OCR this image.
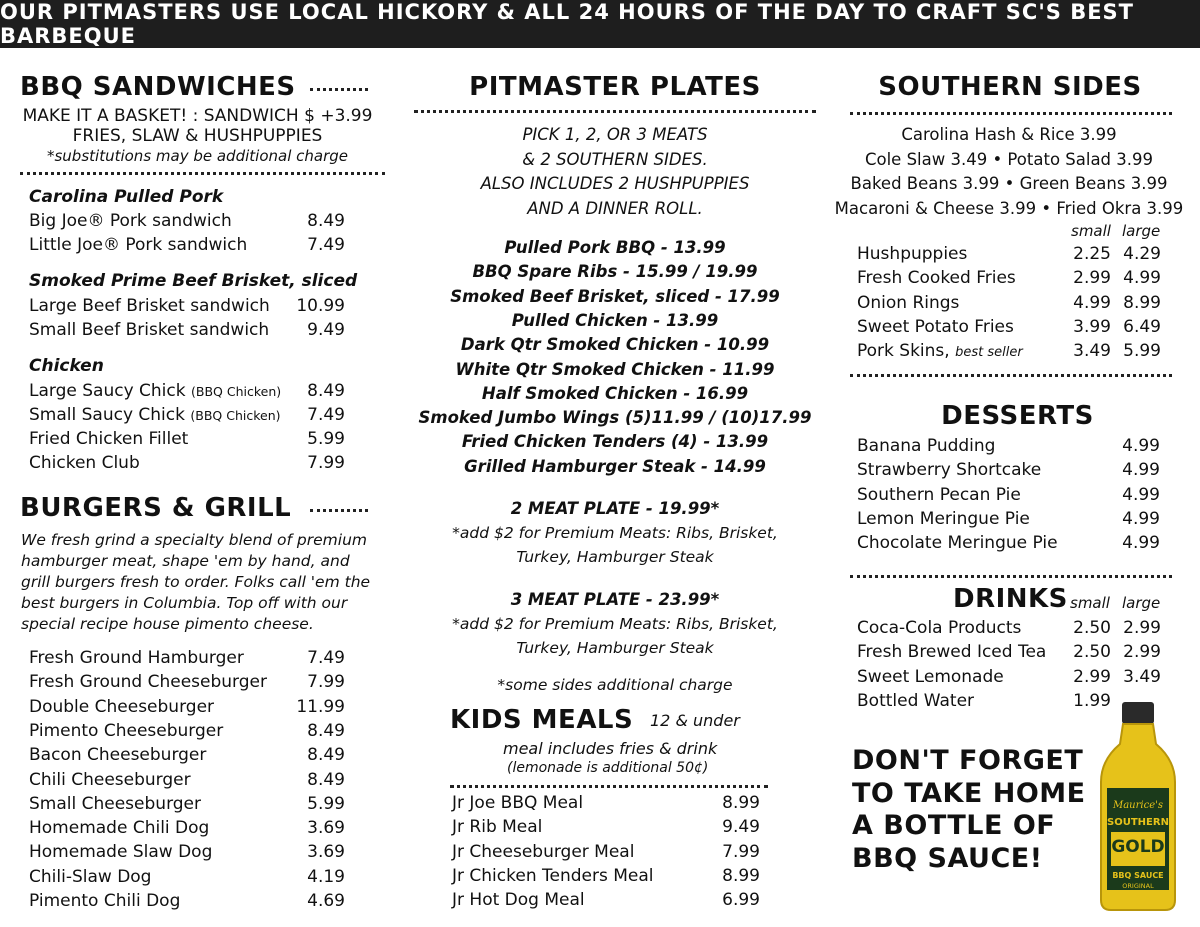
OUR PITMASTERS USE LOCAL HICKORY & ALL 24 HOURS OF THE DAY TO CRAFT SC'S BEST BARBEQUE
BBQ SANDWICHES
MAKE IT A BASKET! : SANDWICH $ +3.99
FRIES, SLAW & HUSHPUPPIES
*substitutions may be additional charge
Carolina Pulled Pork
Big Joe® Pork sandwich	8.49
Little Joe® Pork sandwich	7.49
Smoked Prime Beef Brisket, sliced
Large Beef Brisket sandwich	10.99
Small Beef Brisket sandwich	9.49
Chicken
Large Saucy Chick (BBQ Chicken)	8.49
Small Saucy Chick (BBQ Chicken)	7.49
Fried Chicken Fillet	5.99
Chicken Club	7.99
BURGERS & GRILL
We fresh grind a specialty blend of premium
hamburger meat, shape 'em by hand, and
grill burgers fresh to order. Folks call 'em the
best burgers in Columbia. Top off with our
special recipe house pimento cheese.
Fresh Ground Hamburger	7.49
Fresh Ground Cheeseburger	7.99
Double Cheeseburger	11.99
Pimento Cheeseburger	8.49
Bacon Cheeseburger	8.49
Chili Cheeseburger	8.49
Small Cheeseburger	5.99
Homemade Chili Dog	3.69
Homemade Slaw Dog	3.69
Chili-Slaw Dog	4.19
Pimento Chili Dog	4.69
PITMASTER PLATES
PICK 1, 2, OR 3 MEATS
& 2 SOUTHERN SIDES.
ALSO INCLUDES 2 HUSHPUPPIES
AND A DINNER ROLL.
Pulled Pork BBQ - 13.99
BBQ Spare Ribs - 15.99 / 19.99
Smoked Beef Brisket, sliced - 17.99
Pulled Chicken - 13.99
Dark Qtr Smoked Chicken - 10.99
White Qtr Smoked Chicken - 11.99
Half Smoked Chicken - 16.99
Smoked Jumbo Wings (5)11.99 / (10)17.99
Fried Chicken Tenders (4) - 13.99
Grilled Hamburger Steak - 14.99
2 MEAT PLATE - 19.99*
*add $2 for Premium Meats: Ribs, Brisket,
Turkey, Hamburger Steak
3 MEAT PLATE - 23.99*
*add $2 for Premium Meats: Ribs, Brisket,
Turkey, Hamburger Steak
*some sides additional charge
KIDS MEALS 12 & under
meal includes fries & drink
(lemonade is additional 50¢)
Jr Joe BBQ Meal	8.99
Jr Rib Meal	9.49
Jr Cheeseburger Meal	7.99
Jr Chicken Tenders Meal	8.99
Jr Hot Dog Meal	6.99
SOUTHERN SIDES
Carolina Hash & Rice 3.99
Cole Slaw 3.49 • Potato Salad 3.99
Baked Beans 3.99 • Green Beans 3.99
Macaroni & Cheese 3.99 • Fried Okra 3.99
small large
Hushpuppies	2.25 4.29
Fresh Cooked Fries	2.99 4.99
Onion Rings	4.99 8.99
Sweet Potato Fries	3.99 6.49
Pork Skins, best seller	3.49 5.99
DESSERTS
Banana Pudding	4.99
Strawberry Shortcake	4.99
Southern Pecan Pie	4.99
Lemon Meringue Pie	4.99
Chocolate Meringue Pie	4.99
DRINKS small large
Coca-Cola Products	2.50 2.99
Fresh Brewed Iced Tea 2.50 2.99
Sweet Lemonade	2.99 3.49
Bottled Water	1.99
DON'T FORGET
TO TAKE HOME
A BOTTLE OF
BBQ SAUCE!
Maurice's
SOUTHERN
GOLD
BBQ SAUCE
ORIGINAL
